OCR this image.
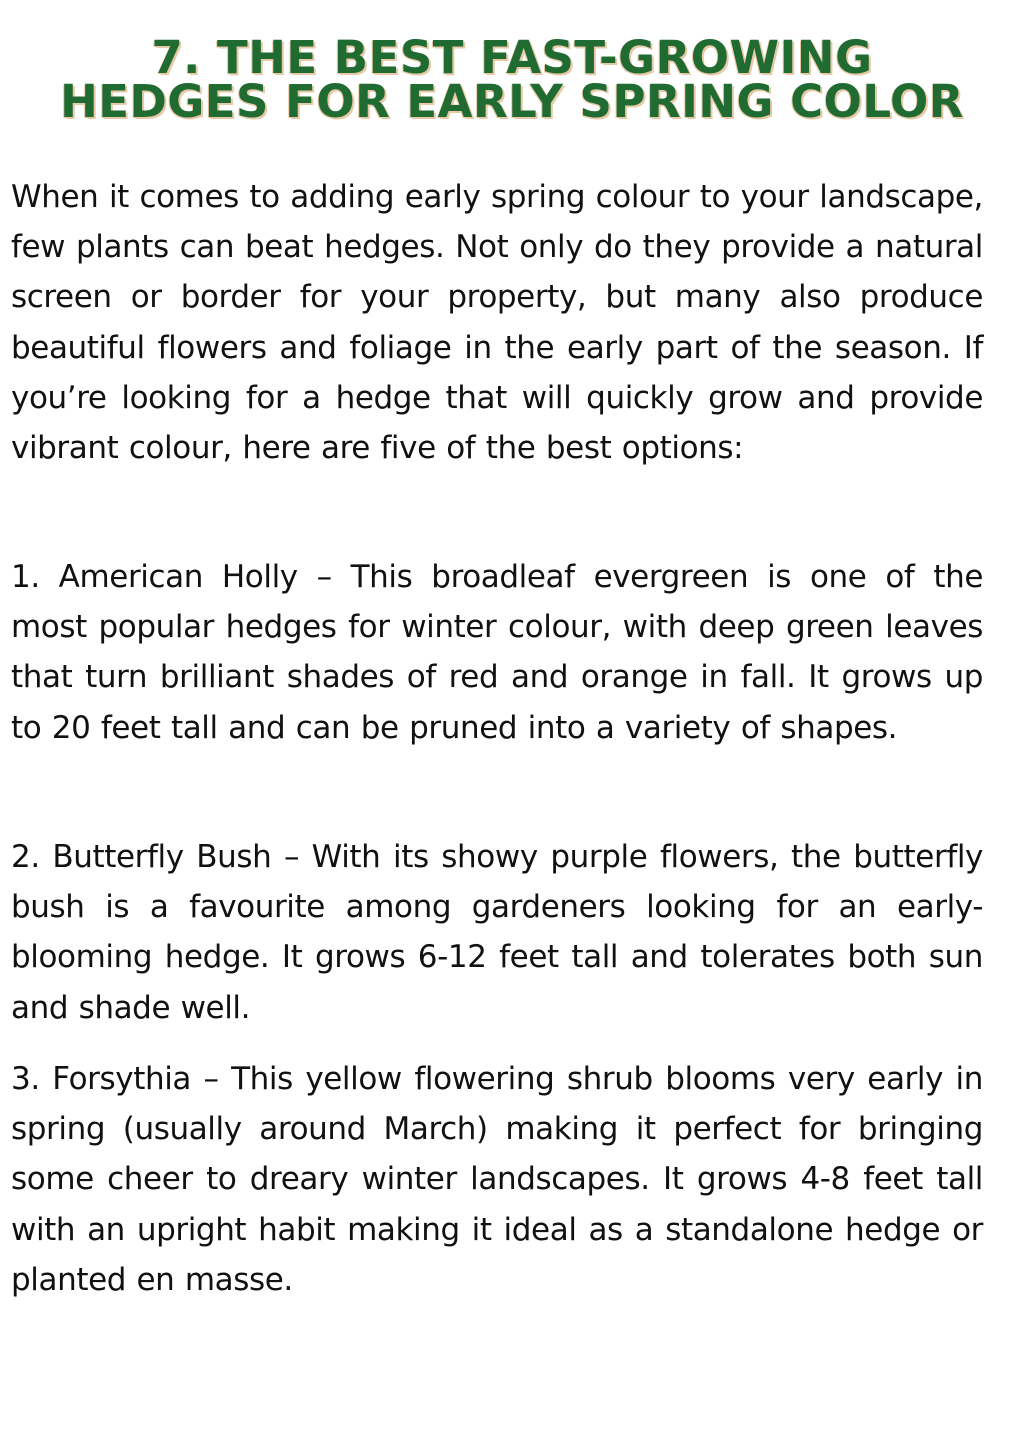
7. THE BEST FAST-GROWING HEDGES FOR EARLY SPRING COLOR

When it comes to adding early spring colour to your landscape, few plants can beat hedges. Not only do they provide a natural screen or border for your property, but many also produce beautiful flowers and foliage in the early part of the season. If you’re looking for a hedge that will quickly grow and provide vibrant colour, here are five of the best options:

1. American Holly – This broadleaf evergreen is one of the most popular hedges for winter colour, with deep green leaves that turn brilliant shades of red and orange in fall. It grows up to 20 feet tall and can be pruned into a variety of shapes.

2. Butterfly Bush – With its showy purple flowers, the butterfly bush is a favourite among gardeners looking for an early-blooming hedge. It grows 6-12 feet tall and tolerates both sun and shade well.

3. Forsythia – This yellow flowering shrub blooms very early in spring (usually around March) making it perfect for bringing some cheer to dreary winter landscapes. It grows 4-8 feet tall with an upright habit making it ideal as a standalone hedge or planted en masse.
